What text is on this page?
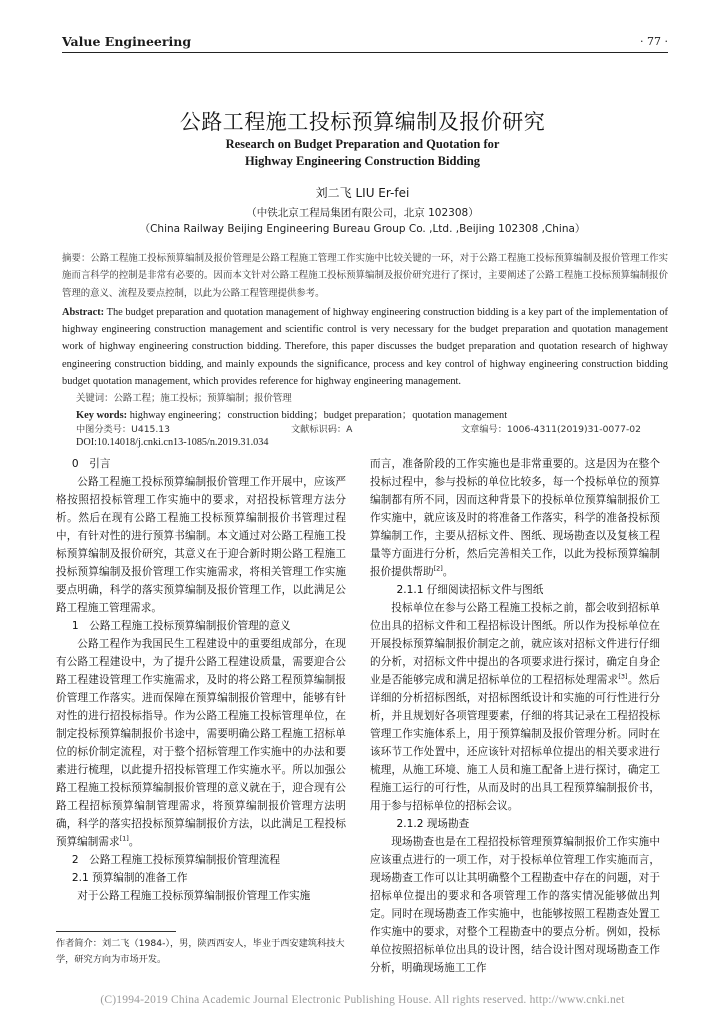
Value Engineering	· 77 ·
公路工程施工投标预算编制及报价研究
Research on Budget Preparation and Quotation for
Highway Engineering Construction Bidding
刘二飞 LIU Er-fei
（中铁北京工程局集团有限公司，北京 102308）
（China Railway Beijing Engineering Bureau Group Co. ,Ltd. ,Beijing 102308 ,China）
摘要：公路工程施工投标预算编制及报价管理是公路工程施工管理工作实施中比较关键的一环，对于公路工程施工投标预算编制及报价管理工作实施而言科学的控制是非常有必要的。因而本文针对公路工程施工投标预算编制及报价研究进行了探讨，主要阐述了公路工程施工投标预算编制报价管理的意义、流程及要点控制，以此为公路工程管理提供参考。
Abstract: The budget preparation and quotation management of highway engineering construction bidding is a key part of the implementation of highway engineering construction management and scientific control is very necessary for the budget preparation and quotation management work of highway engineering construction bidding. Therefore, this paper discusses the budget preparation and quotation research of highway engineering construction bidding, and mainly expounds the significance, process and key control of highway engineering construction bidding budget quotation management, which provides reference for highway engineering management.
关键词：公路工程；施工投标；预算编制；报价管理
Key words: highway engineering；construction bidding；budget preparation；quotation management
中图分类号：U415.13	文献标识码：A	文章编号：1006-4311(2019)31-0077-02
DOI:10.14018/j.cnki.cn13-1085/n.2019.31.034

0　引言

公路工程施工投标预算编制报价管理工作开展中，应该严格按照招投标管理工作实施中的要求，对招投标管理方法分析。然后在现有公路工程施工投标预算编制报价书管理过程中，有针对性的进行预算书编制。本文通过对公路工程施工投标预算编制及报价研究，其意义在于迎合新时期公路工程施工投标预算编制及报价管理工作实施需求，将相关管理工作实施要点明确，科学的落实预算编制及报价管理工作，以此满足公路工程施工管理需求。

1　公路工程施工投标预算编制报价管理的意义

公路工程作为我国民生工程建设中的重要组成部分，在现有公路工程建设中，为了提升公路工程建设质量，需要迎合公路工程建设管理工作实施需求，及时的将公路工程预算编制报价管理工作落实。进而保障在预算编制报价管理中，能够有针对性的进行招投标指导。作为公路工程施工投标管理单位，在制定投标预算编制报价书途中，需要明确公路工程施工招标单位的标价制定流程，对于整个招标管理工作实施中的办法和要素进行梳理，以此提升招投标管理工作实施水平。所以加强公路工程施工投标预算编制报价管理的意义就在于，迎合现有公路工程招标预算编制管理需求，将预算编制报价管理方法明确，科学的落实招投标预算编制报价方法，以此满足工程投标预算编制需求[1]。

2　公路工程施工投标预算编制报价管理流程

2.1 预算编制的准备工作

对于公路工程施工投标预算编制报价管理工作实施

作者简介：刘二飞（1984-），男，陕西西安人，毕业于西安建筑科技大学，研究方向为市场开发。

而言，准备阶段的工作实施也是非常重要的。这是因为在整个投标过程中，参与投标的单位比较多，每一个投标单位的预算编制都有所不同，因而这种背景下的投标单位预算编制报价工作实施中，就应该及时的将准备工作落实，科学的准备投标预算编制工作，主要从招标文件、图纸、现场勘查以及复核工程量等方面进行分析，然后完善相关工作，以此为投标预算编制报价提供帮助[2]。

2.1.1 仔细阅读招标文件与图纸

投标单位在参与公路工程施工投标之前，都会收到招标单位出具的招标文件和工程招标设计图纸。所以作为投标单位在开展投标预算编制报价制定之前，就应该对招标文件进行仔细的分析，对招标文件中提出的各项要求进行探讨，确定自身企业是否能够完成和满足招标单位的工程招标处理需求[3]。然后详细的分析招标图纸，对招标图纸设计和实施的可行性进行分析，并且规划好各项管理要素，仔细的将其记录在工程招投标管理工作实施体系上，用于预算编制及报价管理分析。同时在该环节工作处置中，还应该针对招标单位提出的相关要求进行梳理，从施工环境、施工人员和施工配备上进行探讨，确定工程施工运行的可行性，从而及时的出具工程预算编制报价书，用于参与招标单位的招标会议。

2.1.2 现场勘查

现场勘查也是在工程招投标管理预算编制报价工作实施中应该重点进行的一项工作，对于投标单位管理工作实施而言，现场勘查工作可以让其明确整个工程勘查中存在的问题，对于招标单位提出的要求和各项管理工作的落实情况能够做出判定。同时在现场勘查工作实施中，也能够按照工程勘查处置工作实施中的要求，对整个工程勘查中的要点分析。例如，投标单位按照招标单位出具的设计图，结合设计图对现场勘查工作分析，明确现场施工工作

(C)1994-2019 China Academic Journal Electronic Publishing House. All rights reserved. http://www.cnki.net
